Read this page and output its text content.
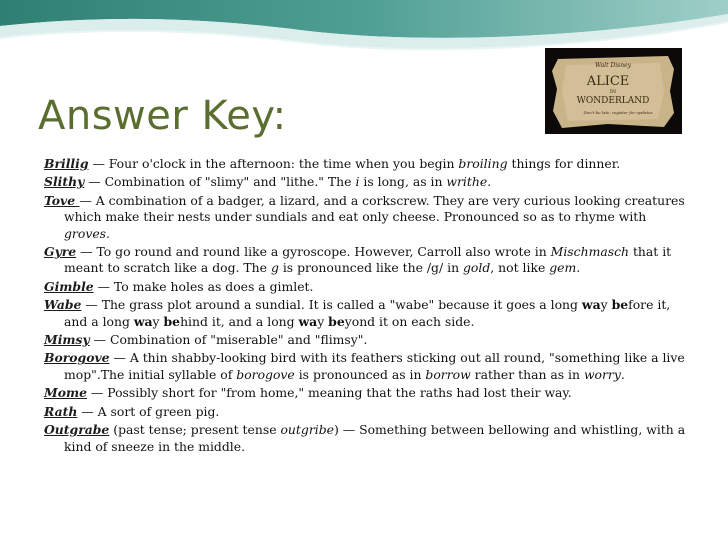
Answer Key:
Walt Disney
ALICE
IN
WONDERLAND
Don't be late, register for updates

Brillig — Four o'clock in the afternoon: the time when you begin broiling things for dinner.

Slithy — Combination of "slimy" and "lithe." The i is long, as in writhe.

Tove — A combination of a badger, a lizard, and a corkscrew. They are very curious looking creatures which make their nests under sundials and eat only cheese. Pronounced so as to rhyme with groves.

Gyre — To go round and round like a gyroscope. However, Carroll also wrote in Mischmasch that it meant to scratch like a dog. The g is pronounced like the /g/ in gold, not like gem.

Gimble — To make holes as does a gimlet.

Wabe — The grass plot around a sundial. It is called a "wabe" because it goes a long way before it, and a long way behind it, and a long way beyond it on each side.

Mimsy — Combination of "miserable" and "flimsy".

Borogove — A thin shabby-looking bird with its feathers sticking out all round, "something like a live mop".The initial syllable of borogove is pronounced as in borrow rather than as in worry.

Mome — Possibly short for "from home," meaning that the raths had lost their way.

Rath — A sort of green pig.

Outgrabe (past tense; present tense outgribe) — Something between bellowing and whistling, with a kind of sneeze in the middle.
